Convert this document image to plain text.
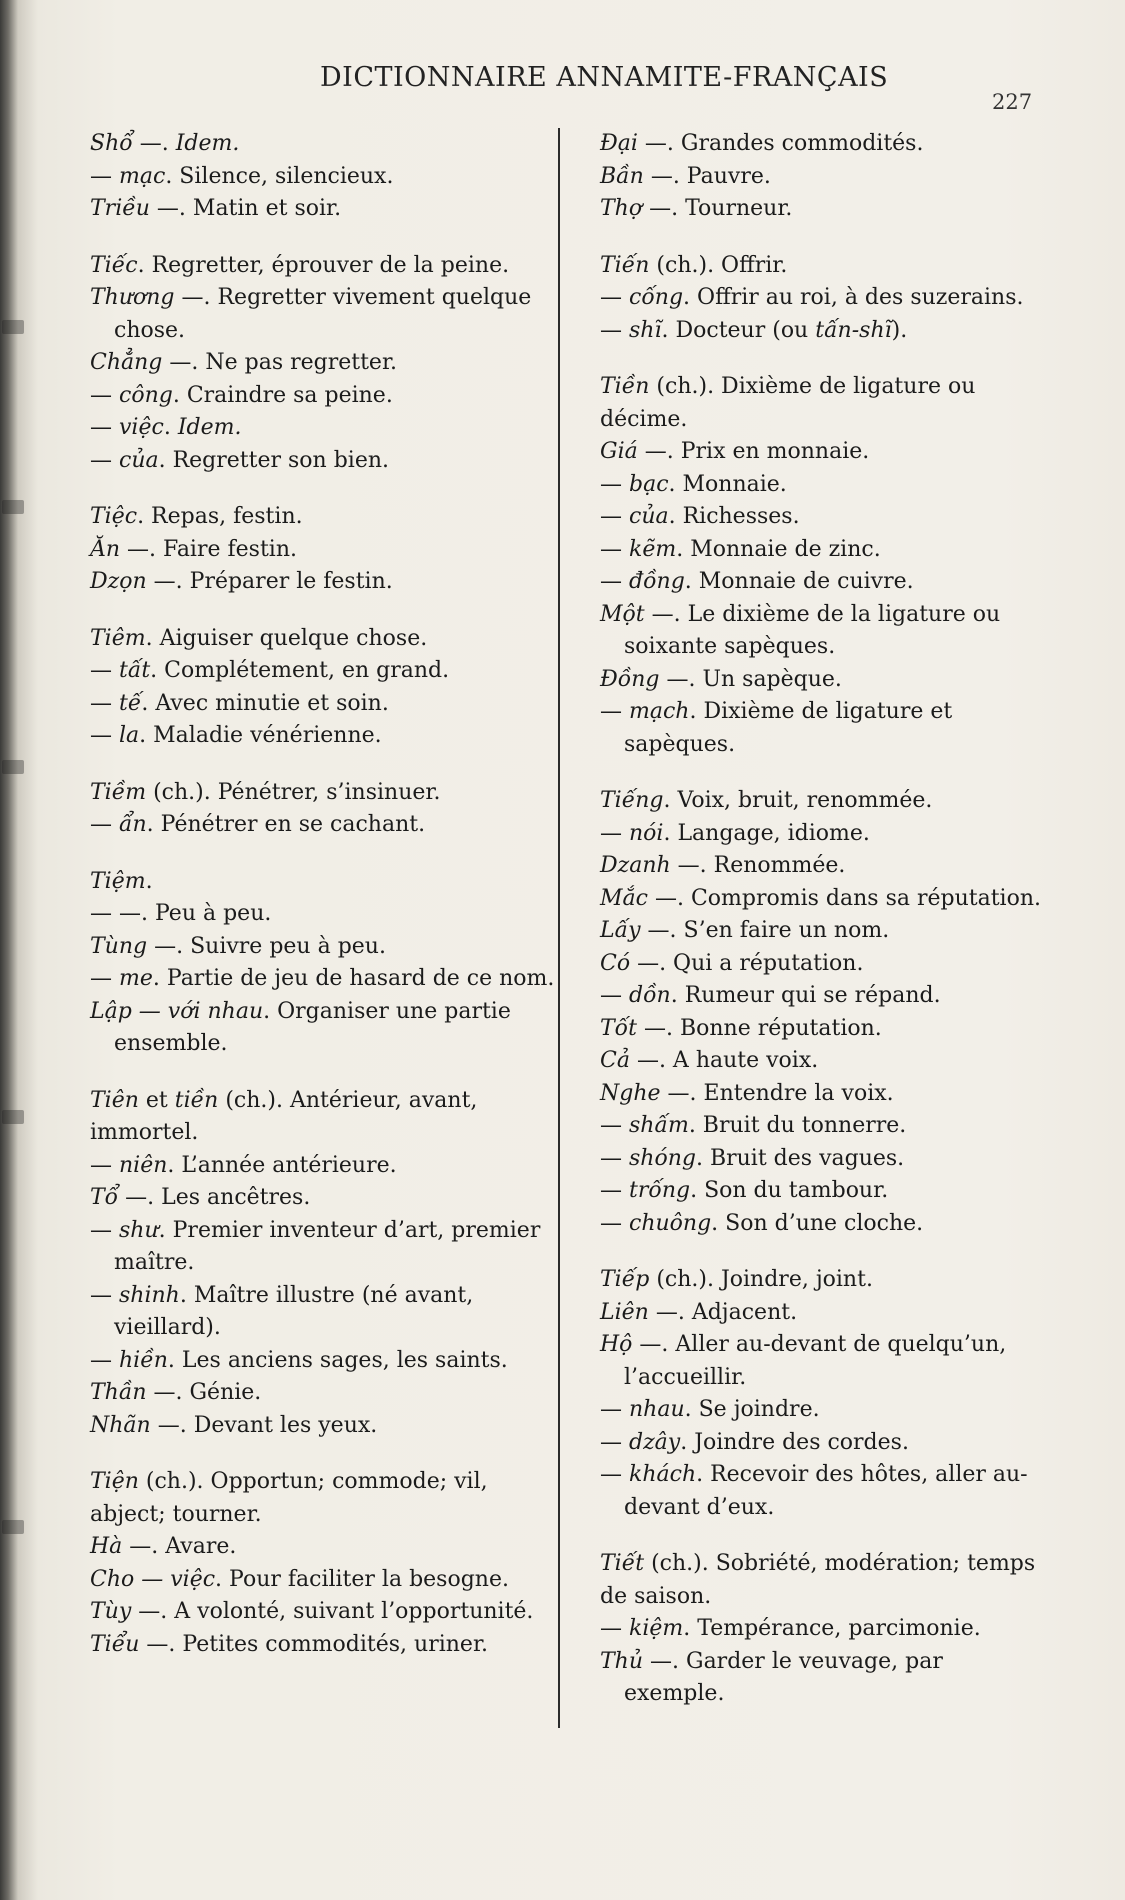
DICTIONNAIRE ANNAMITE-FRANÇAIS
227
Shổ —. Idem.
— mạc. Silence, silencieux.
Triều —. Matin et soir.
Tiếc. Regretter, éprouver de la peine.
Thương —. Regretter vivement quelque chose.
Chẳng —. Ne pas regretter.
— công. Craindre sa peine.
— việc. Idem.
— của. Regretter son bien.
Tiệc. Repas, festin.
Ăn —. Faire festin.
Dzọn —. Préparer le festin.
Tiêm. Aiguiser quelque chose.
— tất. Complétement, en grand.
— tế. Avec minutie et soin.
— la. Maladie vénérienne.
Tiềm (ch.). Pénétrer, s’insinuer.
— ẩn. Pénétrer en se cachant.
Tiệm.
— —. Peu à peu.
Tùng —. Suivre peu à peu.
— me. Partie de jeu de hasard de ce nom.
Lập — với nhau. Organiser une partie ensemble.
Tiên et tiền (ch.). Antérieur, avant, immortel.
— niên. L’année antérieure.
Tổ —. Les ancêtres.
— shư. Premier inventeur d’art, premier maître.
— shinh. Maître illustre (né avant, vieillard).
— hiền. Les anciens sages, les saints.
Thần —. Génie.
Nhãn —. Devant les yeux.
Tiện (ch.). Opportun; commode; vil, abject; tourner.
Hà —. Avare.
Cho — việc. Pour faciliter la besogne.
Tùy —. A volonté, suivant l’opportunité.
Tiểu —. Petites commodités, uriner.
Đại —. Grandes commodités.
Bần —. Pauvre.
Thợ —. Tourneur.
Tiến (ch.). Offrir.
— cống. Offrir au roi, à des suzerains.
— shĩ. Docteur (ou tấn-shĩ).
Tiền (ch.). Dixième de ligature ou décime.
Giá —. Prix en monnaie.
— bạc. Monnaie.
— của. Richesses.
— kẽm. Monnaie de zinc.
— đồng. Monnaie de cuivre.
Một —. Le dixième de la ligature ou soixante sapèques.
Đồng —. Un sapèque.
— mạch. Dixième de ligature et sapèques.
Tiếng. Voix, bruit, renommée.
— nói. Langage, idiome.
Dzanh —. Renommée.
Mắc —. Compromis dans sa réputation.
Lấy —. S’en faire un nom.
Có —. Qui a réputation.
— dồn. Rumeur qui se répand.
Tốt —. Bonne réputation.
Cả —. A haute voix.
Nghe —. Entendre la voix.
— shấm. Bruit du tonnerre.
— shóng. Bruit des vagues.
— trống. Son du tambour.
— chuông. Son d’une cloche.
Tiếp (ch.). Joindre, joint.
Liên —. Adjacent.
Hộ —. Aller au-devant de quelqu’un, l’accueillir.
— nhau. Se joindre.
— dzây. Joindre des cordes.
— khách. Recevoir des hôtes, aller au-devant d’eux.
Tiết (ch.). Sobriété, modération; temps de saison.
— kiệm. Tempérance, parcimonie.
Thủ —. Garder le veuvage, par exemple.
